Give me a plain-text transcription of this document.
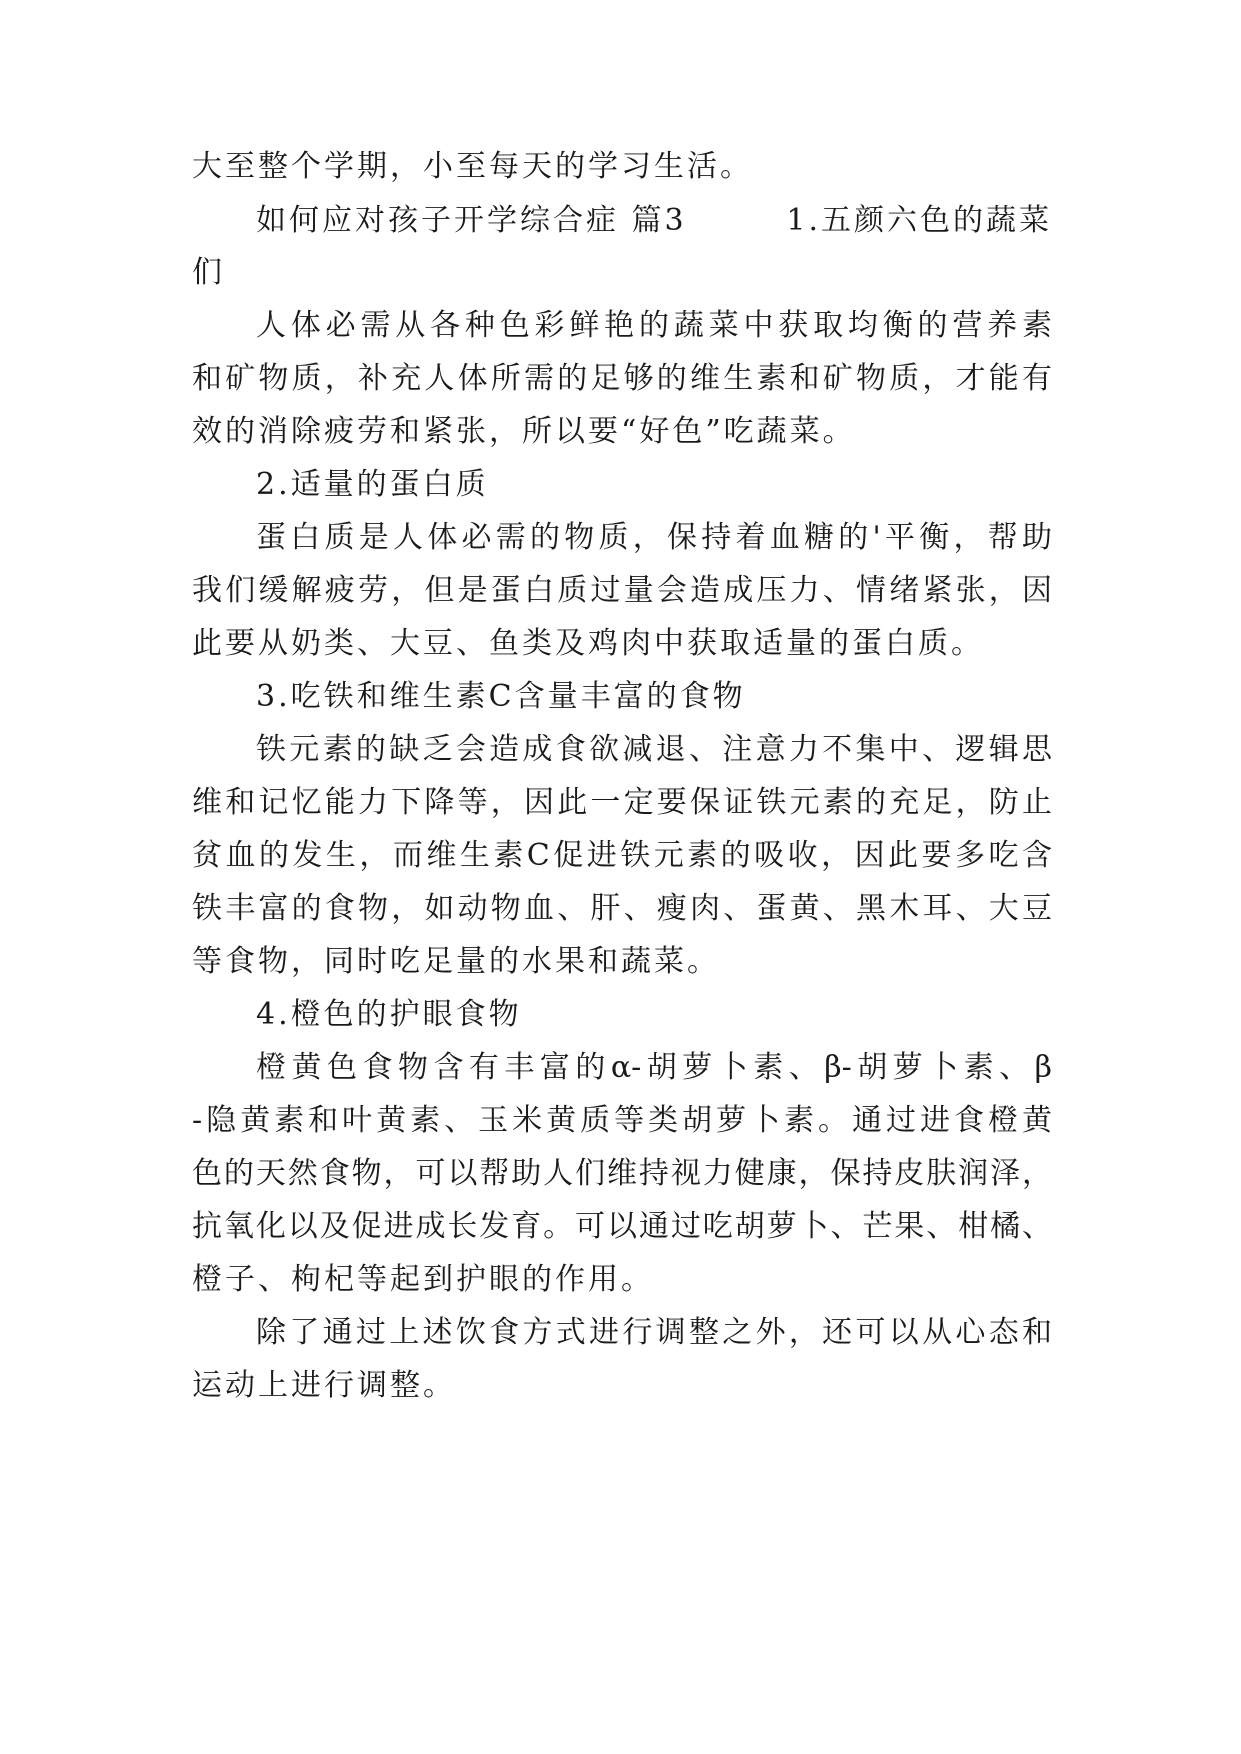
大至整个学期，小至每天的学习生活。
如何应对孩子开学综合症 篇3	1.五颜六色的蔬菜
们
人体必需从各种色彩鲜艳的蔬菜中获取均衡的营养素
和矿物质，补充人体所需的足够的维生素和矿物质，才能有
效的消除疲劳和紧张，所以要“好色”吃蔬菜。
2.适量的蛋白质
蛋白质是人体必需的物质，保持着血糖的'平衡，帮助
我们缓解疲劳，但是蛋白质过量会造成压力、情绪紧张，因
此要从奶类、大豆、鱼类及鸡肉中获取适量的蛋白质。
3.吃铁和维生素C含量丰富的食物
铁元素的缺乏会造成食欲减退、注意力不集中、逻辑思
维和记忆能力下降等，因此一定要保证铁元素的充足，防止
贫血的发生，而维生素C促进铁元素的吸收，因此要多吃含
铁丰富的食物，如动物血、肝、瘦肉、蛋黄、黑木耳、大豆
等食物，同时吃足量的水果和蔬菜。
4.橙色的护眼食物
橙黄色食物含有丰富的α-胡萝卜素、β-胡萝卜素、β
-隐黄素和叶黄素、玉米黄质等类胡萝卜素。通过进食橙黄
色的天然食物，可以帮助人们维持视力健康，保持皮肤润泽，
抗氧化以及促进成长发育。可以通过吃胡萝卜、芒果、柑橘、
橙子、枸杞等起到护眼的作用。
除了通过上述饮食方式进行调整之外，还可以从心态和
运动上进行调整。
